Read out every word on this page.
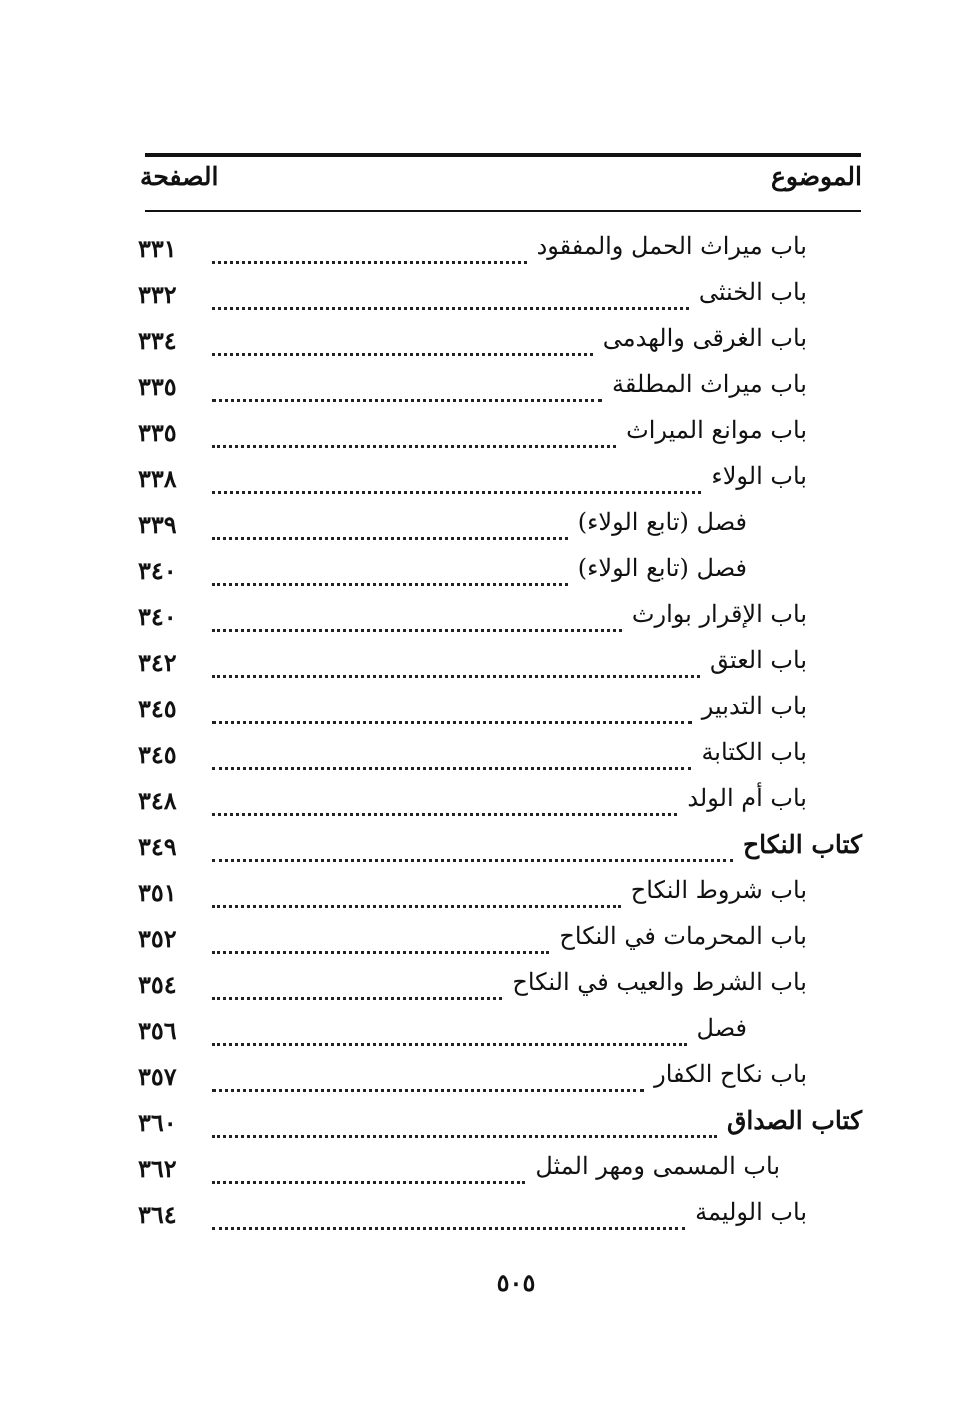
الموضوع
الصفحة
باب ميراث الحمل والمفقود
٣٣١
باب الخنثى
٣٣٢
باب الغرقى والهدمى
٣٣٤
باب ميراث المطلقة
٣٣٥
باب موانع الميراث
٣٣٥
باب الولاء
٣٣٨
فصل (تابع الولاء)
٣٣٩
فصل (تابع الولاء)
٣٤٠
باب الإقرار بوارث
٣٤٠
باب العتق
٣٤٢
باب التدبير
٣٤٥
باب الكتابة
٣٤٥
باب أم الولد
٣٤٨
كتاب النكاح
٣٤٩
باب شروط النكاح
٣٥١
باب المحرمات في النكاح
٣٥٢
باب الشرط والعيب في النكاح
٣٥٤
فصل
٣٥٦
باب نكاح الكفار
٣٥٧
كتاب الصداق
٣٦٠
باب المسمى ومهر المثل
٣٦٢
باب الوليمة
٣٦٤
٥٠٥
